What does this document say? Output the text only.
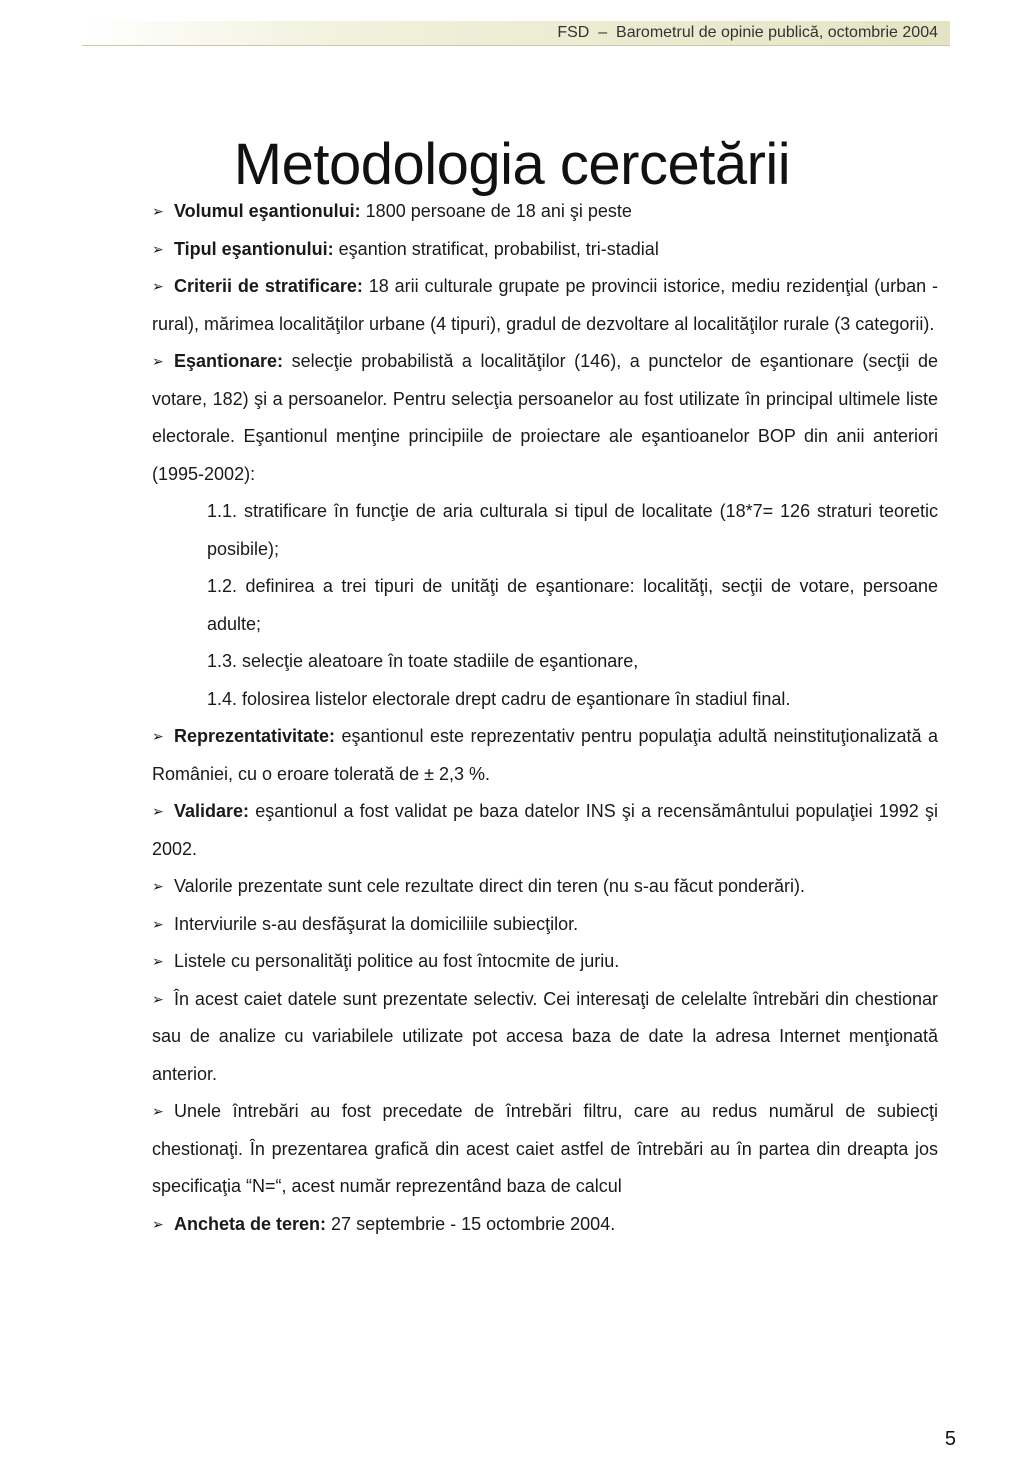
FSD  –  Barometrul de opinie publică, octombrie 2004
Metodologia cercetării

➢ Volumul eşantionului: 1800 persoane de 18 ani şi peste

➢ Tipul eşantionului: eşantion stratificat, probabilist, tri-stadial

➢ Criterii de stratificare: 18 arii culturale grupate pe provincii istorice, mediu rezidenţial (urban - rural), mărimea localităţilor urbane (4 tipuri), gradul de dezvoltare al localităţilor rurale (3 categorii).

➢ Eşantionare: selecţie probabilistă a localităţilor (146), a punctelor de eşantionare (secţii de votare, 182) şi a persoanelor. Pentru selecţia persoanelor au fost utilizate în principal ultimele liste electorale. Eşantionul menţine principiile de proiectare ale eşantioanelor BOP din anii anteriori (1995-2002):

1.1. stratificare în funcţie de aria culturala si tipul de localitate (18*7= 126 straturi teoretic posibile);

1.2. definirea a trei tipuri de unităţi de eşantionare: localităţi, secţii de votare, persoane adulte;

1.3. selecţie aleatoare în toate stadiile de eşantionare,

1.4. folosirea listelor electorale drept cadru de eşantionare în stadiul final.

➢ Reprezentativitate: eşantionul este reprezentativ pentru populaţia adultă neinstituţionalizată a României, cu o eroare tolerată de ± 2,3 %.

➢ Validare: eşantionul a fost validat pe baza datelor INS şi a recensământului populaţiei 1992 şi 2002.

➢ Valorile prezentate sunt cele rezultate direct din teren (nu s-au făcut ponderări).

➢ Interviurile s-au desfăşurat la domiciliile subiecţilor.

➢ Listele cu personalităţi politice au fost întocmite de juriu.

➢ În acest caiet datele sunt prezentate selectiv. Cei interesaţi de celelalte întrebări din chestionar sau de analize cu variabilele utilizate pot accesa baza de date la adresa Internet menţionată anterior.

➢ Unele întrebări au fost precedate de întrebări filtru, care au redus numărul de subiecţi chestionaţi. În prezentarea grafică din acest caiet astfel de întrebări au în partea din dreapta jos specificaţia “N=“, acest număr reprezentând baza de calcul

➢ Ancheta de teren: 27 septembrie - 15 octombrie 2004.

5
